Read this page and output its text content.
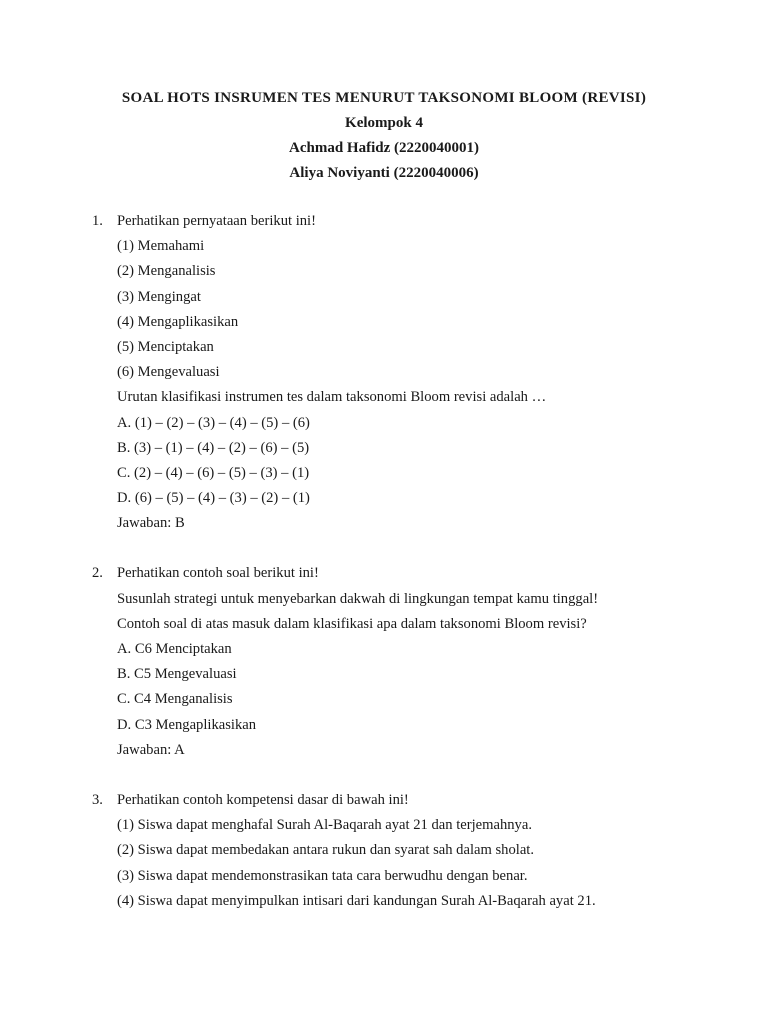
SOAL HOTS INSRUMEN TES MENURUT TAKSONOMI BLOOM (REVISI)
Kelompok 4
Achmad Hafidz (2220040001)
Aliya Noviyanti (2220040006)
1. Perhatikan pernyataan berikut ini!
(1) Memahami
(2) Menganalisis
(3) Mengingat
(4) Mengaplikasikan
(5) Menciptakan
(6) Mengevaluasi
Urutan klasifikasi instrumen tes dalam taksonomi Bloom revisi adalah …
A. (1) – (2) – (3) – (4) – (5) – (6)
B. (3) – (1) – (4) – (2) – (6) – (5)
C. (2) – (4) – (6) – (5) – (3) – (1)
D. (6) – (5) – (4) – (3) – (2) – (1)
Jawaban: B
2. Perhatikan contoh soal berikut ini!
Susunlah strategi untuk menyebarkan dakwah di lingkungan tempat kamu tinggal!
Contoh soal di atas masuk dalam klasifikasi apa dalam taksonomi Bloom revisi?
A. C6 Menciptakan
B. C5 Mengevaluasi
C. C4 Menganalisis
D. C3 Mengaplikasikan
Jawaban: A
3. Perhatikan contoh kompetensi dasar di bawah ini!
(1) Siswa dapat menghafal Surah Al-Baqarah ayat 21 dan terjemahnya.
(2) Siswa dapat membedakan antara rukun dan syarat sah dalam sholat.
(3) Siswa dapat mendemonstrasikan tata cara berwudhu dengan benar.
(4) Siswa dapat menyimpulkan intisari dari kandungan Surah Al-Baqarah ayat 21.
